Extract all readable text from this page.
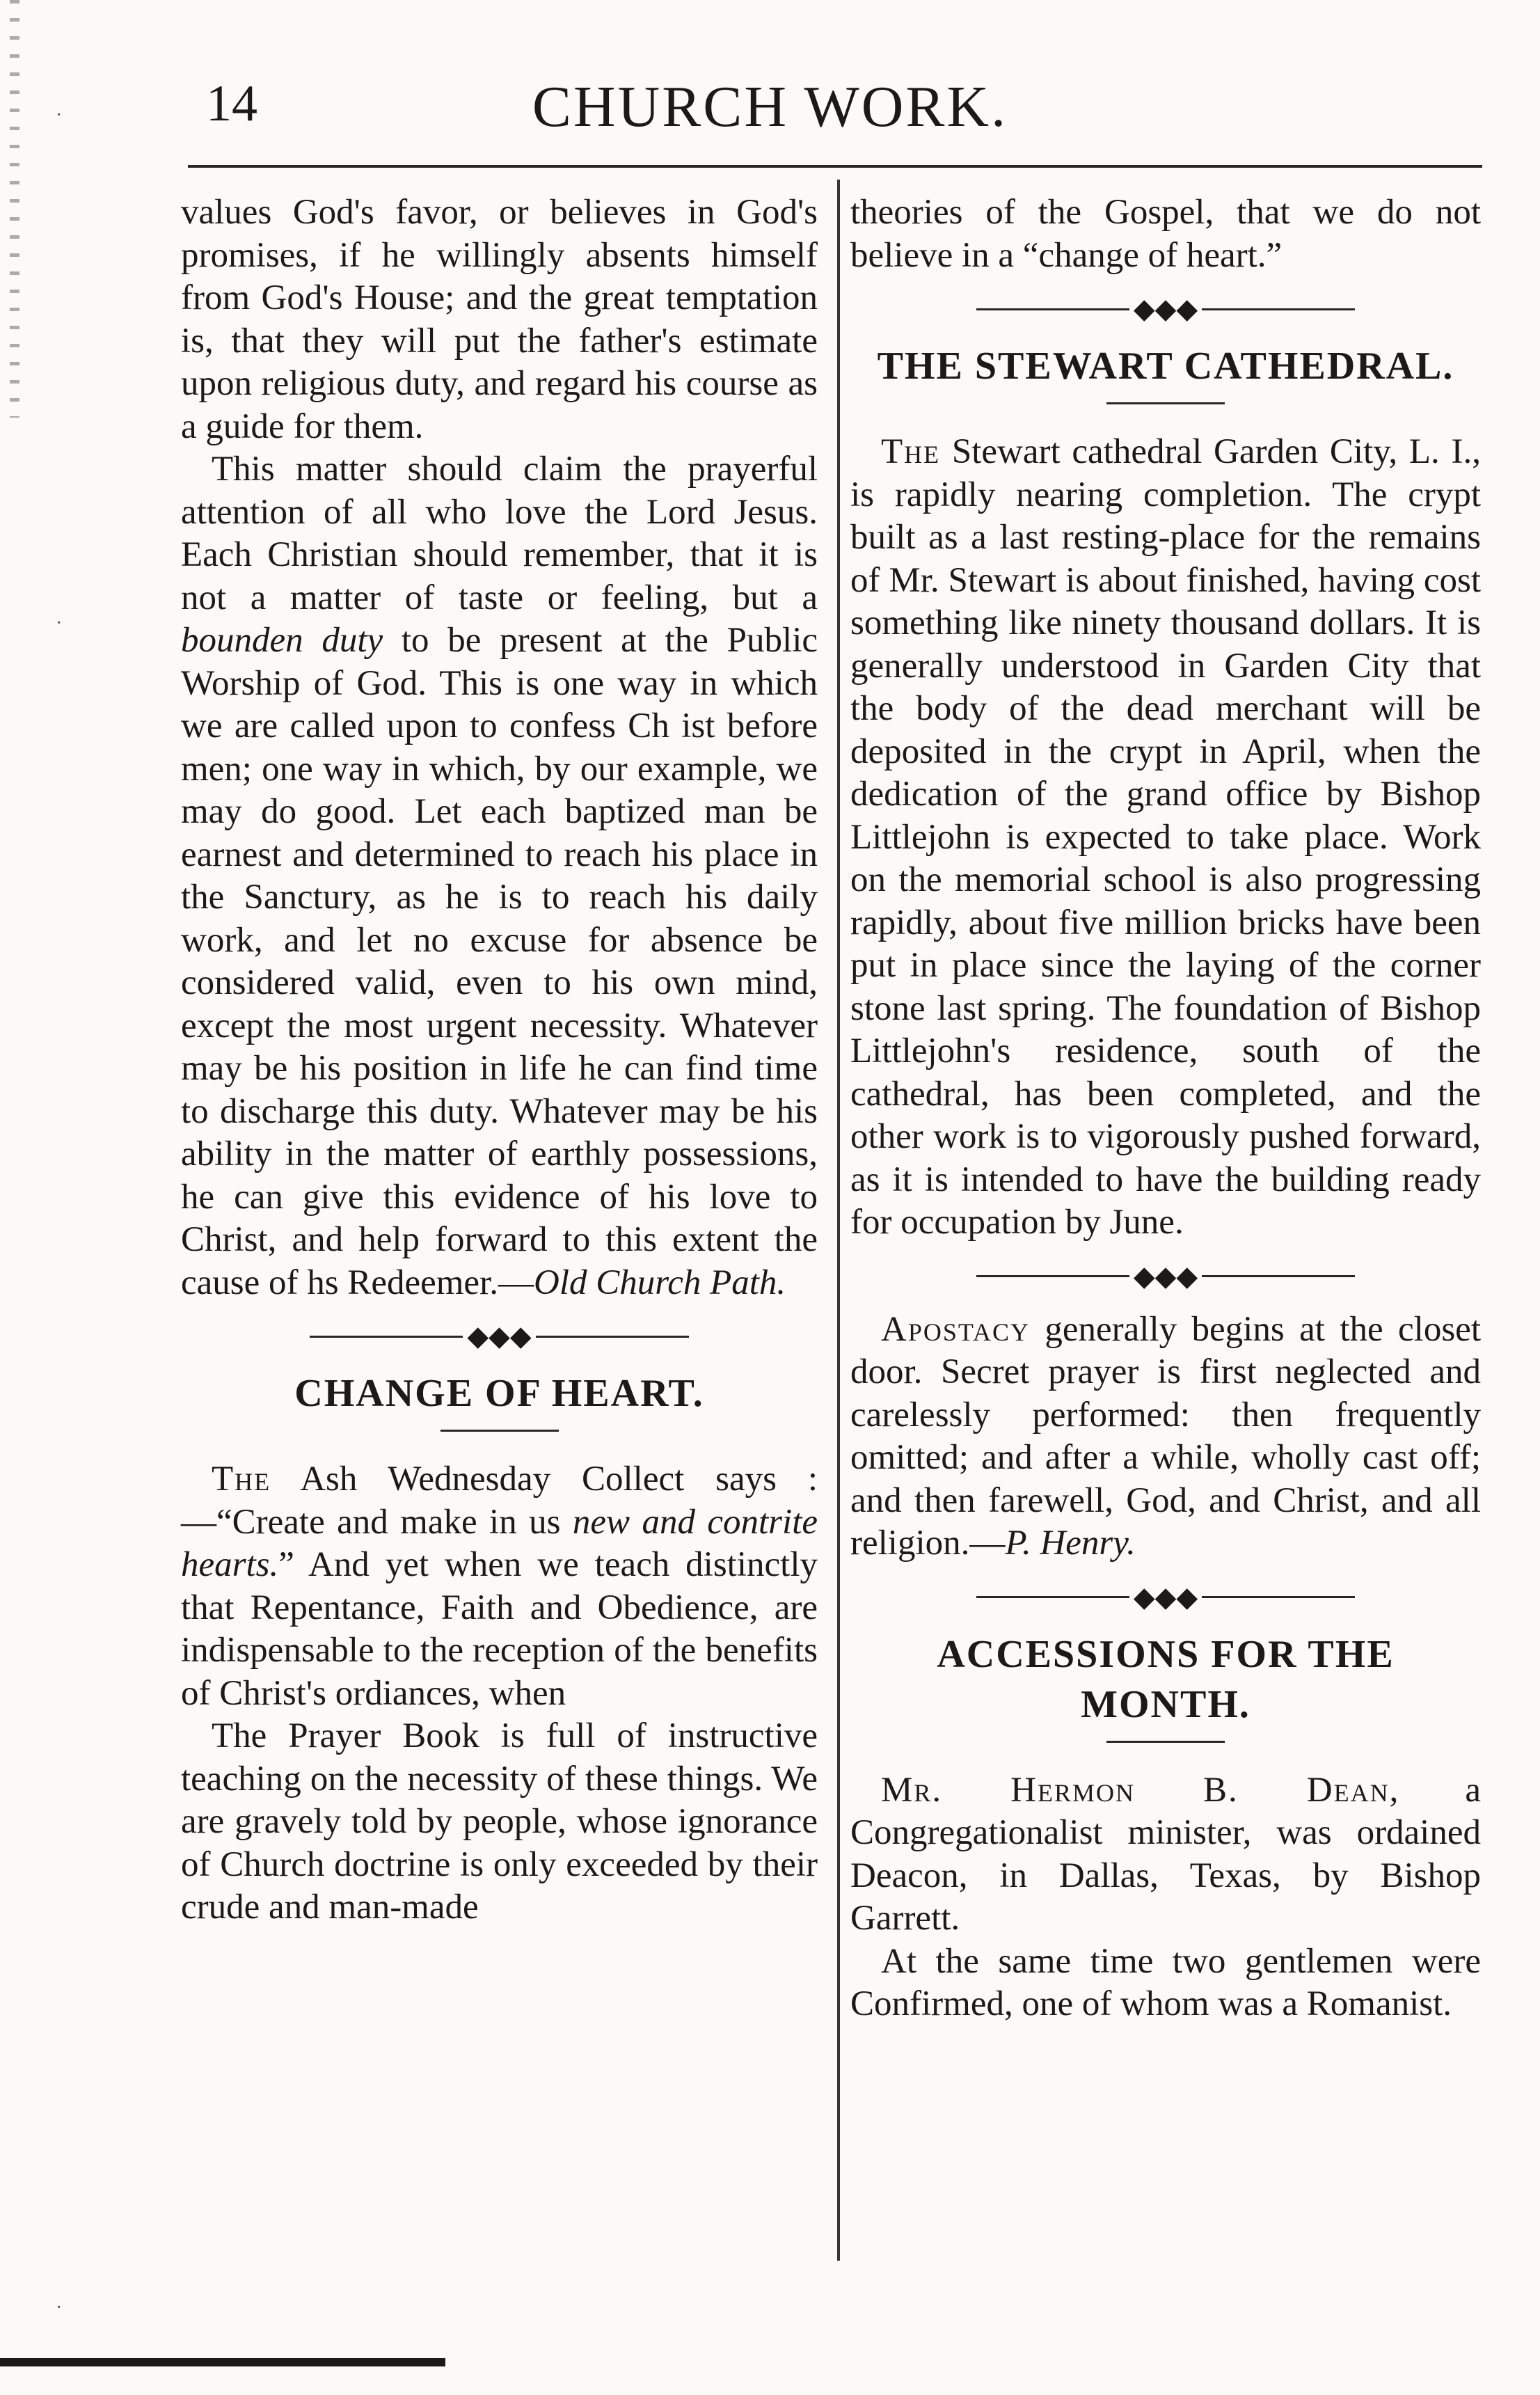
·
·
·
14	CHURCH WORK.

values God's favor, or believes in God's promises, if he willingly absents himself from God's House; and the great temptation is, that they will put the father's estimate upon religious duty, and regard his course as a guide for them.

This matter should claim the prayerful attention of all who love the Lord Jesus. Each Christian should remember, that it is not a matter of taste or feeling, but a bounden duty to be present at the Public Worship of God. This is one way in which we are called upon to confess Ch ist before men; one way in which, by our example, we may do good. Let each baptized man be earnest and determined to reach his place in the Sanctury, as he is to reach his daily work, and let no excuse for absence be considered valid, even to his own mind, except the most urgent necessity. Whatever may be his position in life he can find time to discharge this duty. Whatever may be his ability in the matter of earthly possessions, he can give this evidence of his love to Christ, and help forward to this extent the cause of hs Redeemer.—Old Church Path.

◆◆◆
CHANGE OF HEART.

The Ash Wednesday Collect says :—“Create and make in us new and contrite hearts.” And yet when we teach distinctly that Repentance, Faith and Obedience, are indispensable to the reception of the benefits of Christ's ordiances, when

The Prayer Book is full of instructive teaching on the necessity of these things. We are gravely told by people, whose ignorance of Church doctrine is only exceeded by their crude and man-made

theories of the Gospel, that we do not believe in a “change of heart.”

◆◆◆
THE STEWART CATHEDRAL.

The Stewart cathedral Garden City, L. I., is rapidly nearing completion. The crypt built as a last resting-place for the remains of Mr. Stewart is about finished, having cost something like ninety thousand dollars. It is generally understood in Garden City that the body of the dead merchant will be deposited in the crypt in April, when the dedication of the grand office by Bishop Littlejohn is expected to take place. Work on the memorial school is also progressing rapidly, about five million bricks have been put in place since the laying of the corner stone last spring. The foundation of Bishop Littlejohn's residence, south of the cathedral, has been completed, and the other work is to vigorously pushed forward, as it is intended to have the building ready for occupation by June.

◆◆◆

Apostacy generally begins at the closet door. Secret prayer is first neglected and carelessly performed: then frequently omitted; and after a while, wholly cast off; and then farewell, God, and Christ, and all religion.—P. Henry.

◆◆◆
ACCESSIONS FOR THE MONTH.

Mr. Hermon B. Dean, a Congregationalist minister, was ordained Deacon, in Dallas, Texas, by Bishop Garrett.

At the same time two gentlemen were Confirmed, one of whom was a Romanist.
